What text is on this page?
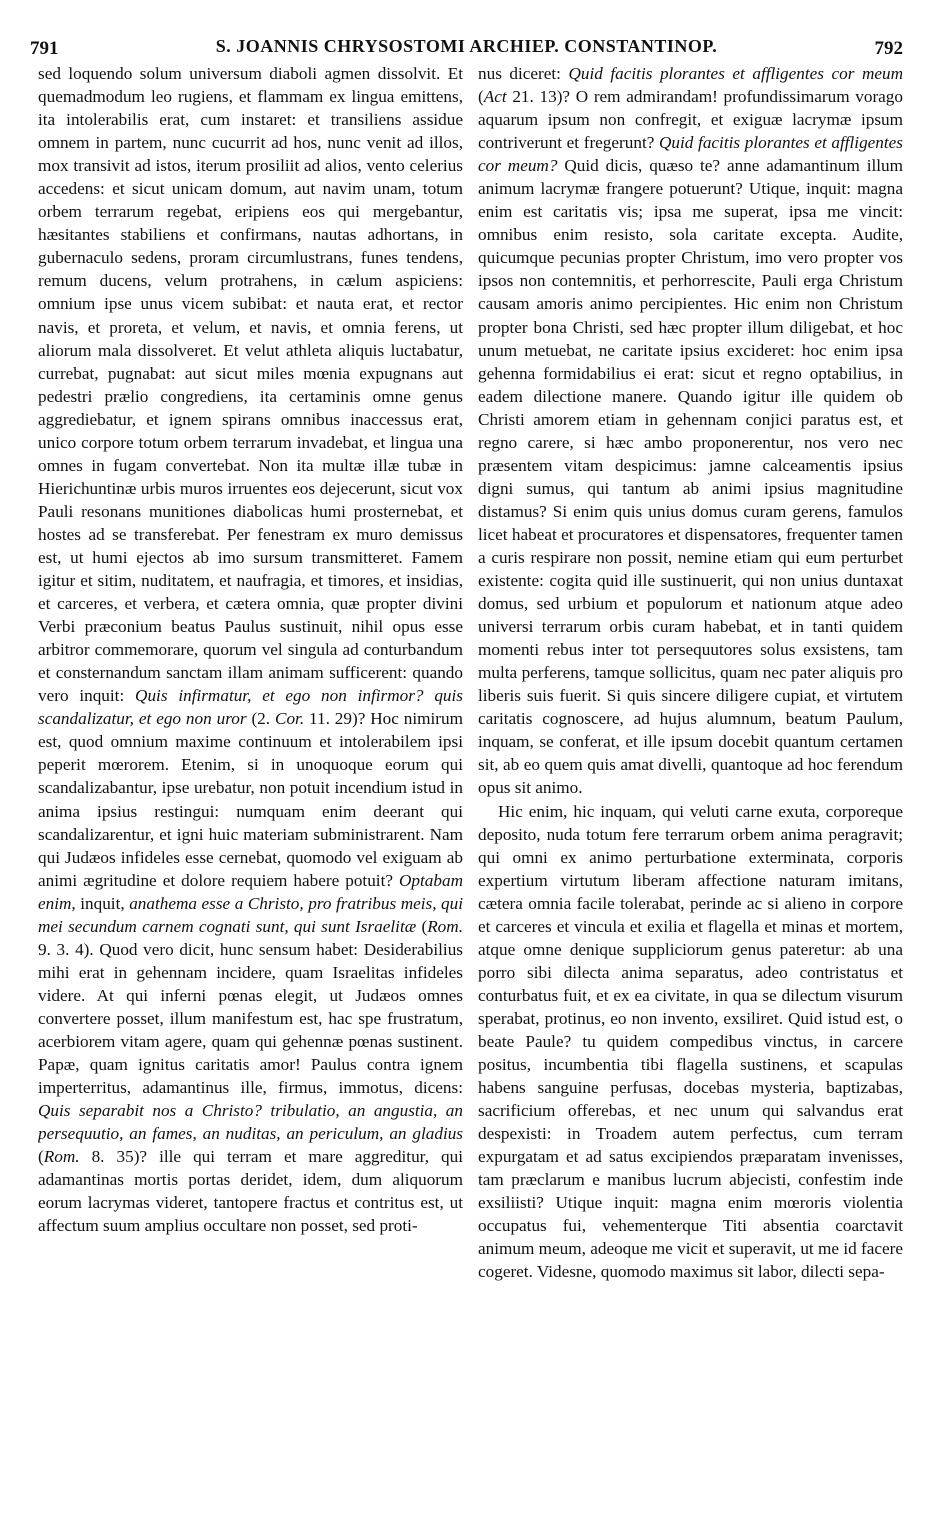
791	S. JOANNIS CHRYSOSTOMI ARCHIEP. CONSTANTINOP.	792

sed loquendo solum universum diaboli agmen dissolvit. Et quemadmodum leo rugiens, et flammam ex lingua emittens, ita intolerabilis erat, cum instaret: et transiliens assidue omnem in partem, nunc cucurrit ad hos, nunc venit ad illos, mox transivit ad istos, iterum prosiliit ad alios, vento celerius accedens: et sicut unicam domum, aut navim unam, totum orbem terrarum regebat, eripiens eos qui mergebantur, hæsitantes stabiliens et confirmans, nautas adhortans, in gubernaculo sedens, proram circumlustrans, funes tendens, remum ducens, velum protrahens, in cælum aspiciens: omnium ipse unus vicem subibat: et nauta erat, et rector navis, et proreta, et velum, et navis, et omnia ferens, ut aliorum mala dissolveret. Et velut athleta aliquis luctabatur, currebat, pugnabat: aut sicut miles mœnia expugnans aut pedestri prælio congrediens, ita certaminis omne genus aggrediebatur, et ignem spirans omnibus inaccessus erat, unico corpore totum orbem terrarum invadebat, et lingua una omnes in fugam convertebat. Non ita multæ illæ tubæ in Hierichuntinæ urbis muros irruentes eos dejecerunt, sicut vox Pauli resonans munitiones diabolicas humi prosternebat, et hostes ad se transferebat. Per fenestram ex muro demissus est, ut humi ejectos ab imo sursum transmitteret. Famem igitur et sitim, nuditatem, et naufragia, et timores, et insidias, et carceres, et verbera, et cætera omnia, quæ propter divini Verbi præconium beatus Paulus sustinuit, nihil opus esse arbitror commemorare, quorum vel singula ad conturbandum et consternandum sanctam illam animam sufficerent: quando vero inquit: Quis infirmatur, et ego non infirmor? quis scandalizatur, et ego non uror (2. Cor. 11. 29)? Hoc nimirum est, quod omnium maxime continuum et intolerabilem ipsi peperit mœrorem. Etenim, si in unoquoque eorum qui scandalizabantur, ipse urebatur, non potuit incendium istud in anima ipsius restingui: numquam enim deerant qui scandalizarentur, et igni huic materiam subministrarent. Nam qui Judæos infideles esse cernebat, quomodo vel exiguam ab animi ægritudine et dolore requiem habere potuit? Optabam enim, inquit, anathema esse a Christo, pro fratribus meis, qui mei secundum carnem cognati sunt, qui sunt Israelitæ (Rom. 9. 3. 4). Quod vero dicit, hunc sensum habet: Desiderabilius mihi erat in gehennam incidere, quam Israelitas infideles videre. At qui inferni pœnas elegit, ut Judæos omnes convertere posset, illum manifestum est, hac spe frustratum, acerbiorem vitam agere, quam qui gehennæ pœnas sustinent. Papæ, quam ignitus caritatis amor! Paulus contra ignem imperterritus, adamantinus ille, firmus, immotus, dicens: Quis separabit nos a Christo? tribulatio, an angustia, an persequutio, an fames, an nuditas, an periculum, an gladius (Rom. 8. 35)? ille qui terram et mare aggreditur, qui adamantinas mortis portas deridet, idem, dum aliquorum eorum lacrymas videret, tantopere fractus et contritus est, ut affectum suum amplius occultare non posset, sed proti-

nus diceret: Quid facitis plorantes et affligentes cor meum (Act 21. 13)? O rem admirandam! profundissimarum vorago aquarum ipsum non confregit, et exiguæ lacrymæ ipsum contriverunt et fregerunt? Quid facitis plorantes et affligentes cor meum? Quid dicis, quæso te? anne adamantinum illum animum lacrymæ frangere potuerunt? Utique, inquit: magna enim est caritatis vis; ipsa me superat, ipsa me vincit: omnibus enim resisto, sola caritate excepta. Audite, quicumque pecunias propter Christum, imo vero propter vos ipsos non contemnitis, et perhorrescite, Pauli erga Christum causam amoris animo percipientes. Hic enim non Christum propter bona Christi, sed hæc propter illum diligebat, et hoc unum metuebat, ne caritate ipsius excideret: hoc enim ipsa gehenna formidabilius ei erat: sicut et regno optabilius, in eadem dilectione manere. Quando igitur ille quidem ob Christi amorem etiam in gehennam conjici paratus est, et regno carere, si hæc ambo proponerentur, nos vero nec præsentem vitam despicimus: jamne calceamentis ipsius digni sumus, qui tantum ab animi ipsius magnitudine distamus? Si enim quis unius domus curam gerens, famulos licet habeat et procuratores et dispensatores, frequenter tamen a curis respirare non possit, nemine etiam qui eum perturbet existente: cogita quid ille sustinuerit, qui non unius duntaxat domus, sed urbium et populorum et nationum atque adeo universi terrarum orbis curam habebat, et in tanti quidem momenti rebus inter tot persequutores solus exsistens, tam multa perferens, tamque sollicitus, quam nec pater aliquis pro liberis suis fuerit. Si quis sincere diligere cupiat, et virtutem caritatis cognoscere, ad hujus alumnum, beatum Paulum, inquam, se conferat, et ille ipsum docebit quantum certamen sit, ab eo quem quis amat divelli, quantoque ad hoc ferendum opus sit animo.

Hic enim, hic inquam, qui veluti carne exuta, corporeque deposito, nuda totum fere terrarum orbem anima peragravit; qui omni ex animo perturbatione exterminata, corporis expertium virtutum liberam affectione naturam imitans, cætera omnia facile tolerabat, perinde ac si alieno in corpore et carceres et vincula et exilia et flagella et minas et mortem, atque omne denique suppliciorum genus pateretur: ab una porro sibi dilecta anima separatus, adeo contristatus et conturbatus fuit, et ex ea civitate, in qua se dilectum visurum sperabat, protinus, eo non invento, exsiliret. Quid istud est, o beate Paule? tu quidem compedibus vinctus, in carcere positus, incumbentia tibi flagella sustinens, et scapulas habens sanguine perfusas, docebas mysteria, baptizabas, sacrificium offerebas, et nec unum qui salvandus erat despexisti: in Troadem autem perfectus, cum terram expurgatam et ad satus excipiendos præparatam invenisses, tam præclarum e manibus lucrum abjecisti, confestim inde exsiliisti? Utique inquit: magna enim mœroris violentia occupatus fui, vehementerque Titi absentia coarctavit animum meum, adeoque me vicit et superavit, ut me id facere cogeret. Videsne, quomodo maximus sit labor, dilecti sepa-
